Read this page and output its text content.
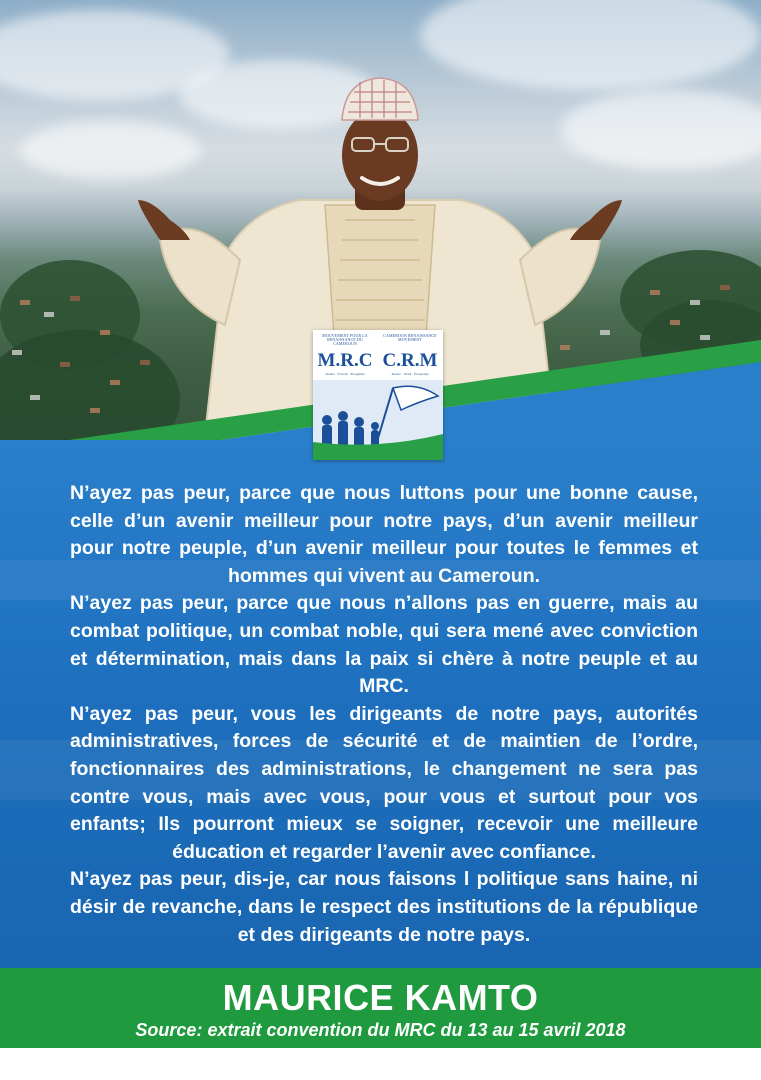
MOUVEMENT POUR LA RENAISSANCE DU CAMEROUN
M.R.C
Justice · Travail · Prospérité
CAMEROON RENAISSANCE MOVEMENT
C.R.M
Justice · Work · Prosperity
N’ayez pas peur, parce que nous luttons pour une bonne cause, celle d’un avenir meilleur pour notre pays, d’un avenir meilleur pour notre peuple, d’un avenir meilleur pour toutes le femmes et hommes qui vivent au Cameroun.
N’ayez pas peur, parce que nous n’allons pas en guerre, mais au combat politique, un combat noble, qui sera mené avec conviction et détermination, mais dans la paix si chère à notre peuple et au MRC.
N’ayez pas peur, vous les dirigeants de notre pays, autorités administratives, forces de sécurité et de maintien de l’ordre, fonctionnaires des administrations, le changement ne sera pas contre vous, mais avec vous, pour vous et surtout pour vos enfants; Ils pourront mieux se soigner, recevoir une meilleure éducation et regarder l’avenir avec confiance.
N’ayez pas peur, dis-je, car nous faisons l politique sans haine, ni désir de revanche, dans le respect des institutions de la république et des dirigeants de notre pays.
MAURICE KAMTO
Source: extrait convention du MRC du 13 au 15 avril 2018
